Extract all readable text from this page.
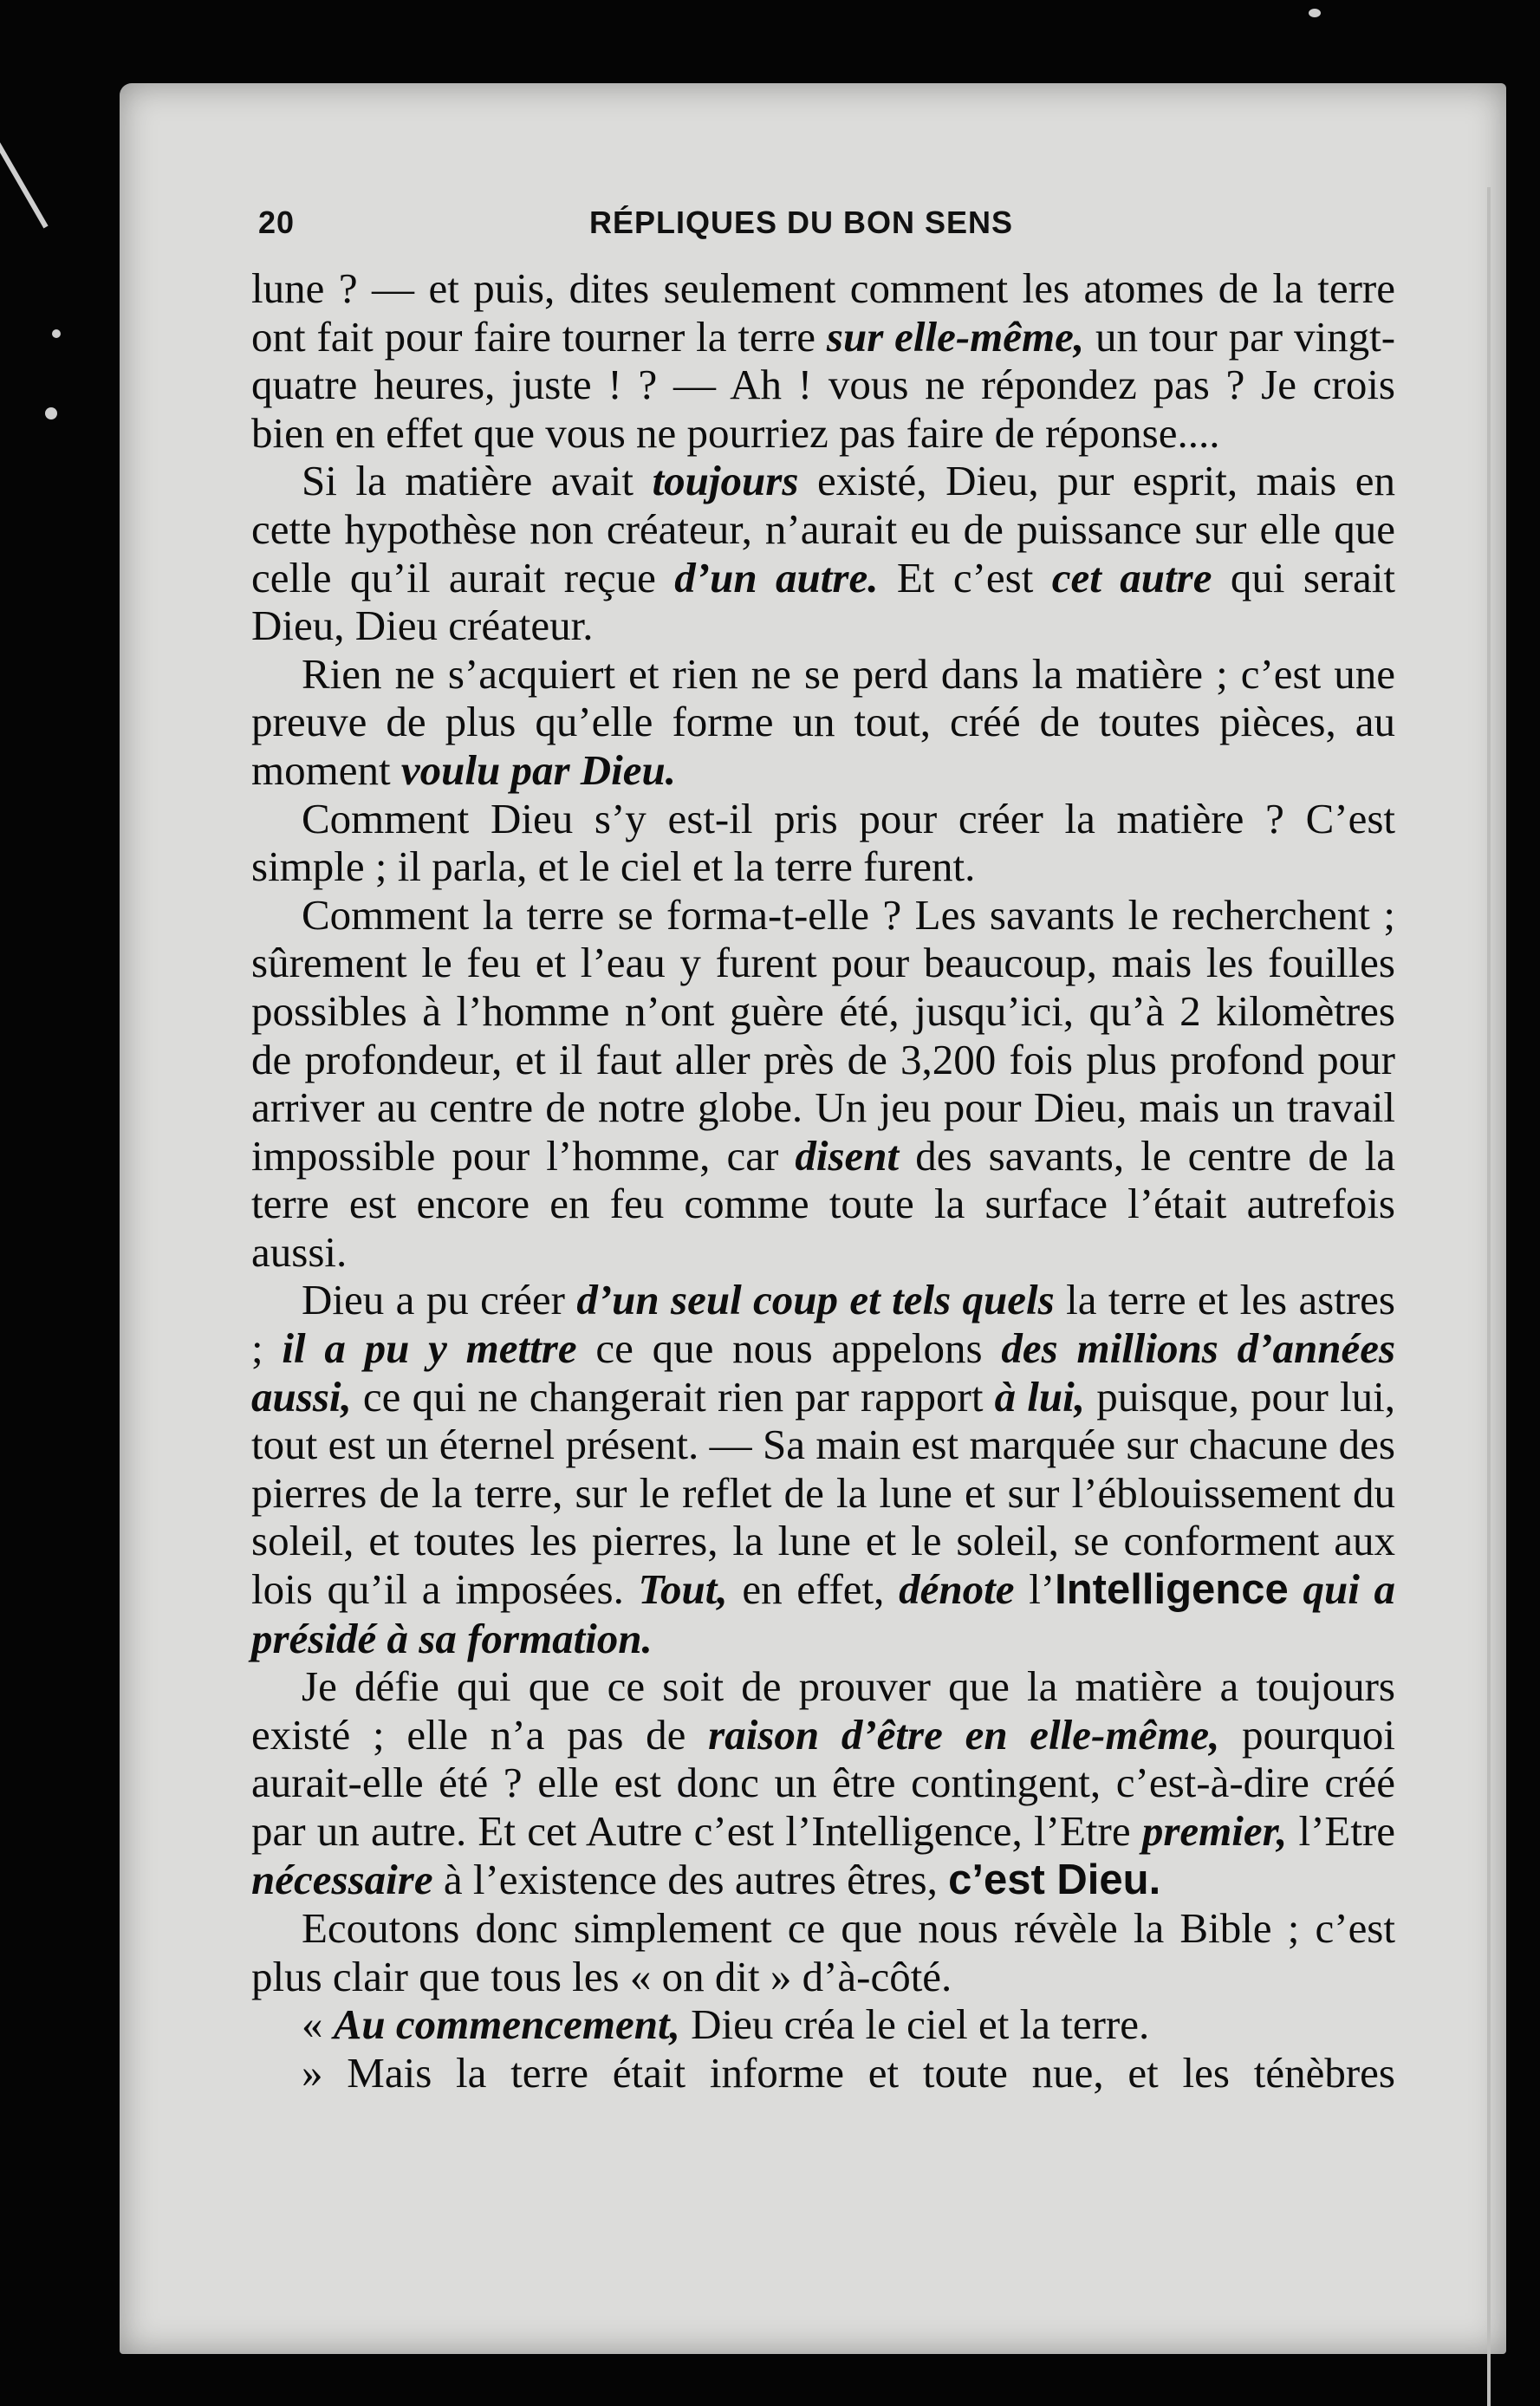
20	RÉPLIQUES DU BON SENS

lune ? — et puis, dites seulement comment les atomes de la terre ont fait pour faire tourner la terre sur elle-même, un tour par vingt-quatre heures, juste ! ? — Ah ! vous ne répondez pas ? Je crois bien en effet que vous ne pourriez pas faire de réponse....

Si la matière avait toujours existé, Dieu, pur esprit, mais en cette hypothèse non créateur, n’aurait eu de puissance sur elle que celle qu’il aurait reçue d’un autre. Et c’est cet autre qui serait Dieu, Dieu créateur.

Rien ne s’acquiert et rien ne se perd dans la matière ; c’est une preuve de plus qu’elle forme un tout, créé de toutes pièces, au moment voulu par Dieu.

Comment Dieu s’y est-il pris pour créer la matière ? C’est simple ; il parla, et le ciel et la terre furent.

Comment la terre se forma-t-elle ? Les savants le recherchent ; sûrement le feu et l’eau y furent pour beaucoup, mais les fouilles possibles à l’homme n’ont guère été, jusqu’ici, qu’à 2 kilomètres de profondeur, et il faut aller près de 3,200 fois plus profond pour arriver au centre de notre globe. Un jeu pour Dieu, mais un travail impossible pour l’homme, car disent des savants, le centre de la terre est encore en feu comme toute la surface l’était autrefois aussi.

Dieu a pu créer d’un seul coup et tels quels la terre et les astres ; il a pu y mettre ce que nous appelons des millions d’années aussi, ce qui ne changerait rien par rapport à lui, puisque, pour lui, tout est un éternel présent. — Sa main est marquée sur chacune des pierres de la terre, sur le reflet de la lune et sur l’éblouissement du soleil, et toutes les pierres, la lune et le soleil, se conforment aux lois qu’il a imposées. Tout, en effet, dénote l’Intelligence qui a présidé à sa formation.

Je défie qui que ce soit de prouver que la matière a toujours existé ; elle n’a pas de raison d’être en elle-même, pourquoi aurait-elle été ? elle est donc un être contingent, c’est-à-dire créé par un autre. Et cet Autre c’est l’Intelligence, l’Etre premier, l’Etre nécessaire à l’existence des autres êtres, c’est Dieu.

Ecoutons donc simplement ce que nous révèle la Bible ; c’est plus clair que tous les « on dit » d’à-côté.

« Au commencement, Dieu créa le ciel et la terre.

» Mais la terre était informe et toute nue, et les ténèbres
